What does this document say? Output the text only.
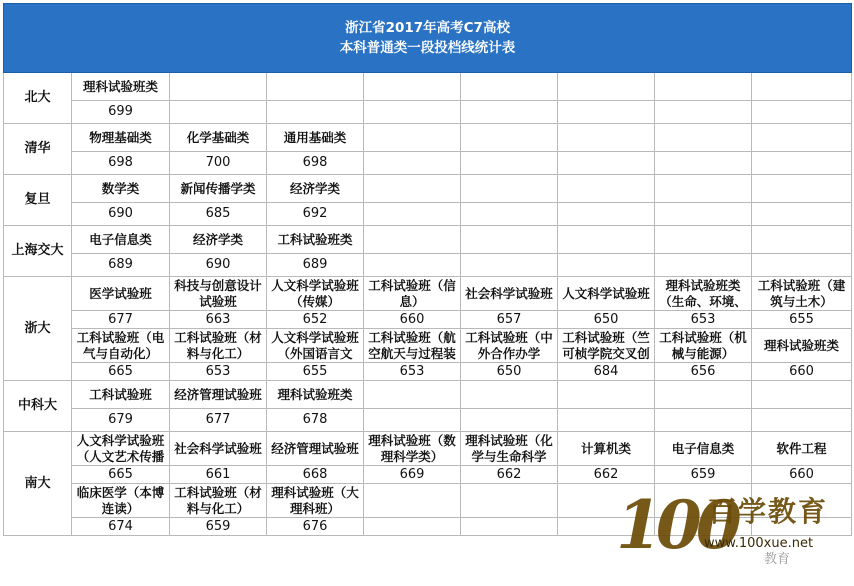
浙江省2017年高考C7高校
本科普通类一段投档线统计表								

北大	理科试验班类							
	699							
清华	物理基础类	化学基础类	通用基础类					
	698	700	698					
复旦	数学类	新闻传播学类	经济学类					
	690	685	692					
上海交大	电子信息类	经济学类	工科试验班类					
	689	690	689					
浙大	医学试验班	科技与创意设计试验班	人文科学试验班（传媒）	工科试验班（信息）	社会科学试验班	人文科学试验班	理科试验班类（生命、环境、	工科试验班（建筑与土木）
	677	663	652	660	657	650	653	655
	工科试验班（电气与自动化）	工科试验班（材料与化工）	人文科学试验班（外国语言文	工科试验班（航空航天与过程装	工科试验班（中外合作办学	工科试验班（竺可桢学院交叉创	工科试验班（机械与能源）	理科试验班类
	665	653	655	653	650	684	656	660
中科大	工科试验班	经济管理试验班	理科试验班类					
	679	677	678					
南大	人文科学试验班（人文艺术传播	社会科学试验班	经济管理试验班	理科试验班（数理科学类）	理科试验班（化学与生命科学	计算机类	电子信息类	软件工程
	665	661	668	669	662	662	659	660
	临床医学（本博连读）	工科试验班（材料与化工）	理科试验班（大理科班）					
	674	659	676						100
百学教育
www.100xue.net
教育
